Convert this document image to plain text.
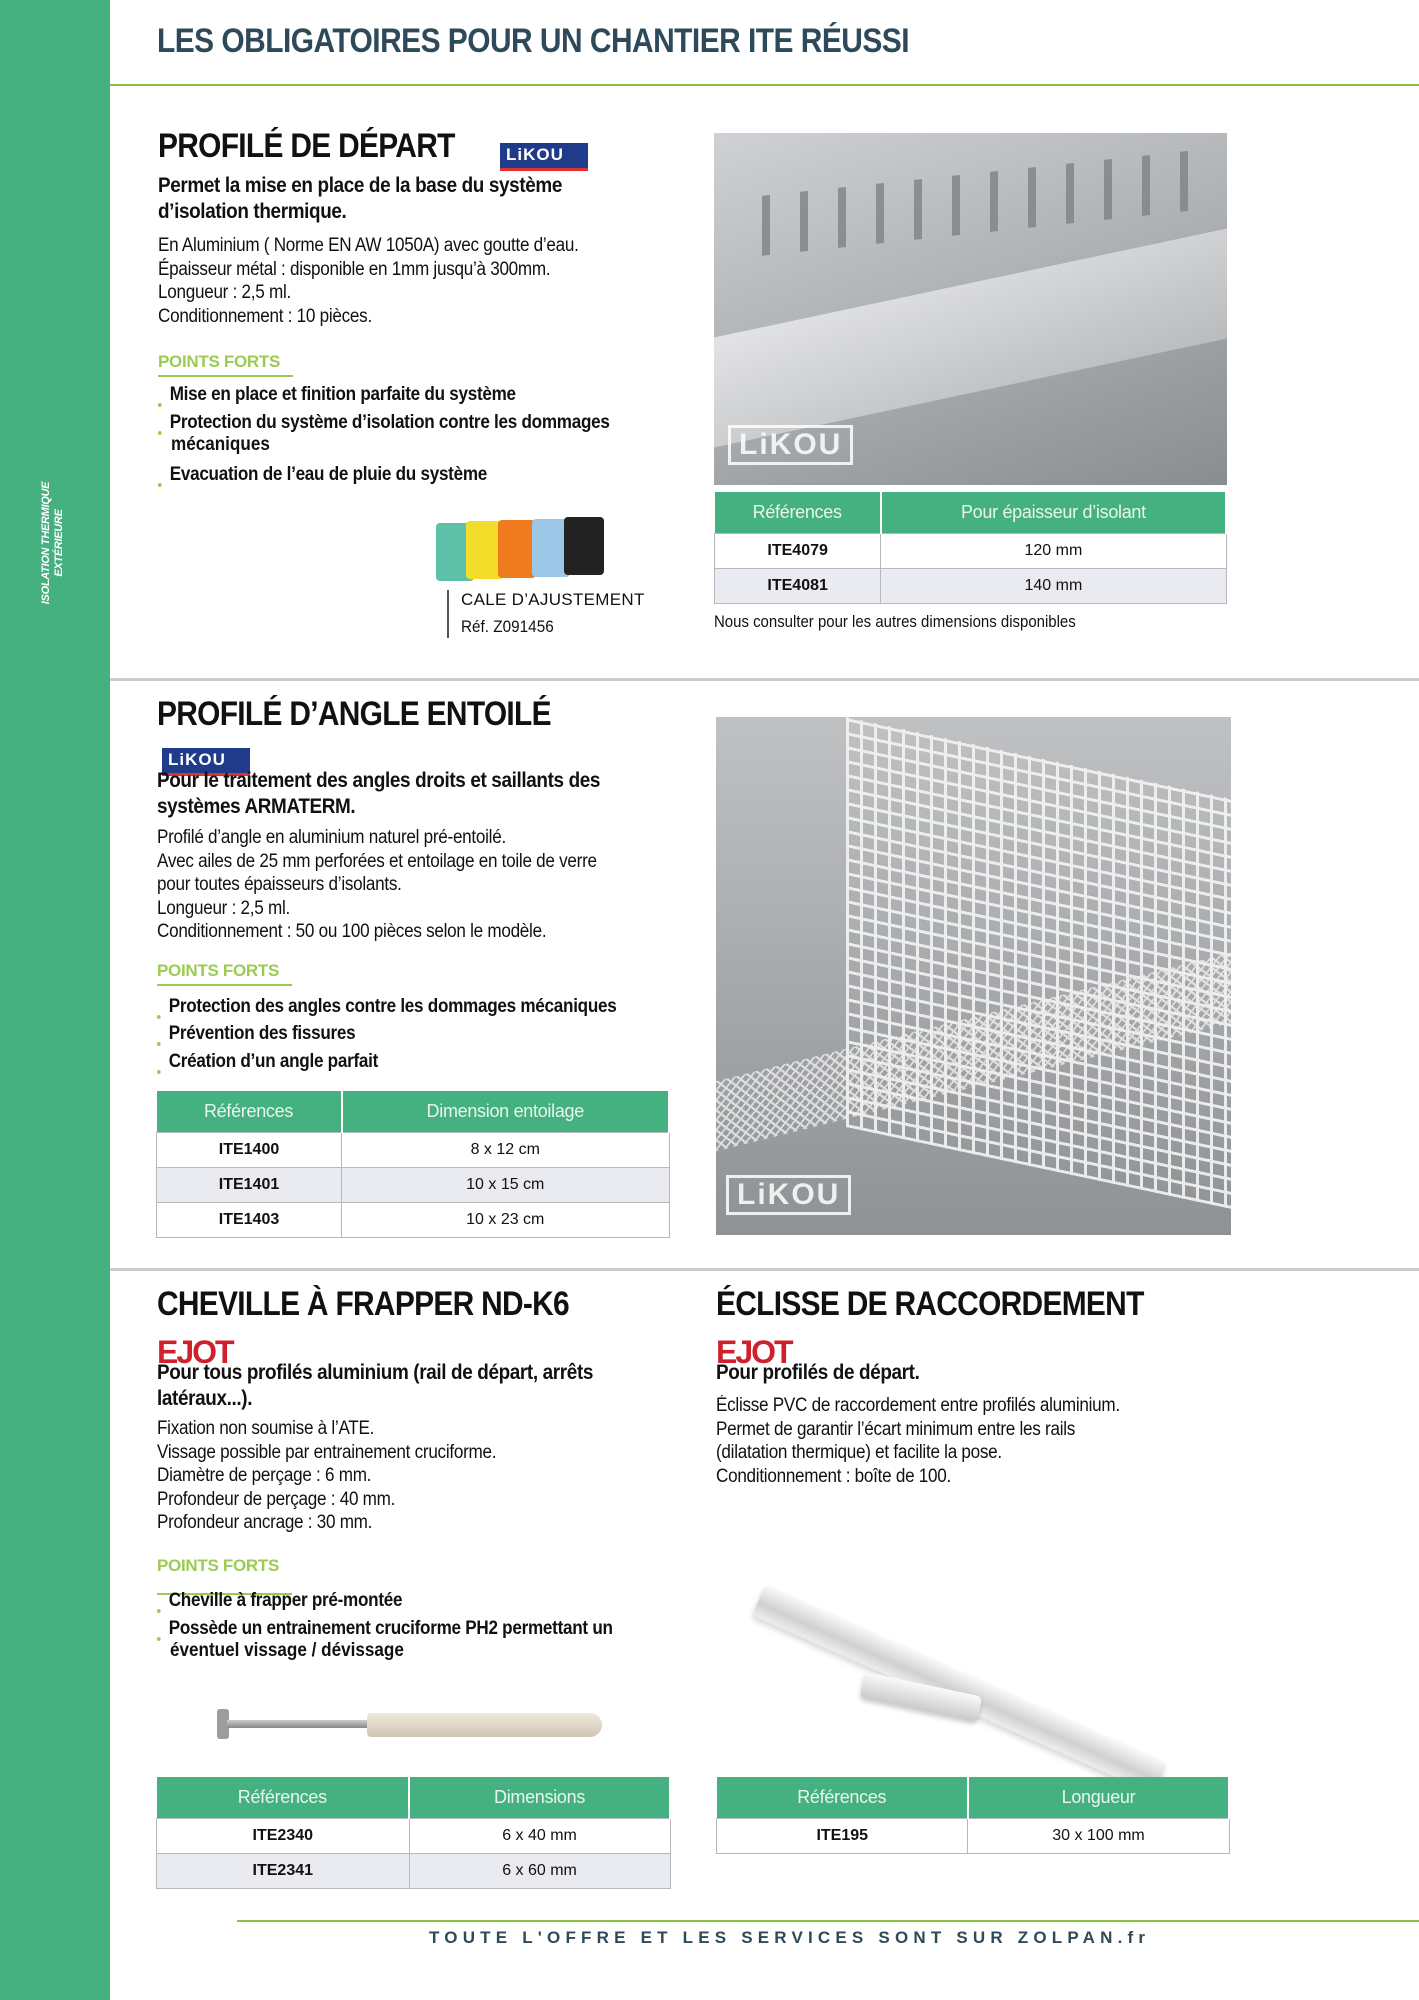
ISOLATION THERMIQUE EXTÉRIEURE
LES OBLIGATOIRES POUR UN CHANTIER ITE RÉUSSI
PROFILÉ DE DÉPART	LiKOU
Permet la mise en place de la base du système
d’isolation thermique.
En Aluminium ( Norme EN AW 1050A) avec goutte d’eau.
Épaisseur métal : disponible en 1mm jusqu’à 300mm.
Longueur : 2,5 ml.
Conditionnement : 10 pièces.
POINTS FORTS
Mise en place et finition parfaite du système
Protection du système d’isolation contre les dommages
mécaniques
Evacuation de l’eau de pluie du système
CALE D’AJUSTEMENT
Réf. Z091456
LiKOU
Références	Pour épaisseur d’isolant
ITE4079	120 mm
ITE4081	140 mm
Nous consulter pour les autres dimensions disponibles
PROFILÉ D’ANGLE ENTOILÉ
LiKOU
Pour le traitement des angles droits et saillants des
systèmes ARMATERM.
Profilé d’angle en aluminium naturel pré-entoilé.
Avec ailes de 25 mm perforées et entoilage en toile de verre
pour toutes épaisseurs d’isolants.
Longueur : 2,5 ml.
Conditionnement : 50 ou 100 pièces selon le modèle.
POINTS FORTS
Protection des angles contre les dommages mécaniques
Prévention des fissures
Création d’un angle parfait
Références	Dimension entoilage
ITE1400	8 x 12 cm
ITE1401	10 x 15 cm
ITE1403	10 x 23 cm
LiKOU
CHEVILLE À FRAPPER ND-K6
EJOT
Pour tous profilés aluminium (rail de départ, arrêts
latéraux...).
Fixation non soumise à l’ATE.
Vissage possible par entrainement cruciforme.
Diamètre de perçage : 6 mm.
Profondeur de perçage : 40 mm.
Profondeur ancrage : 30 mm.
POINTS FORTS
Cheville à frapper pré-montée
Possède un entrainement cruciforme PH2 permettant un
éventuel vissage / dévissage
Références	Dimensions
ITE2340	6 x 40 mm
ITE2341	6 x 60 mm
ÉCLISSE DE RACCORDEMENT
EJOT
Pour profilés de départ.
Éclisse PVC de raccordement entre profilés aluminium.
Permet de garantir l’écart minimum entre les rails
(dilatation thermique) et facilite la pose.
Conditionnement : boîte de 100.
Références	Longueur
ITE195	30 x 100 mm
TOUTE L'OFFRE ET LES SERVICES SONT SUR ZOLPAN.fr
